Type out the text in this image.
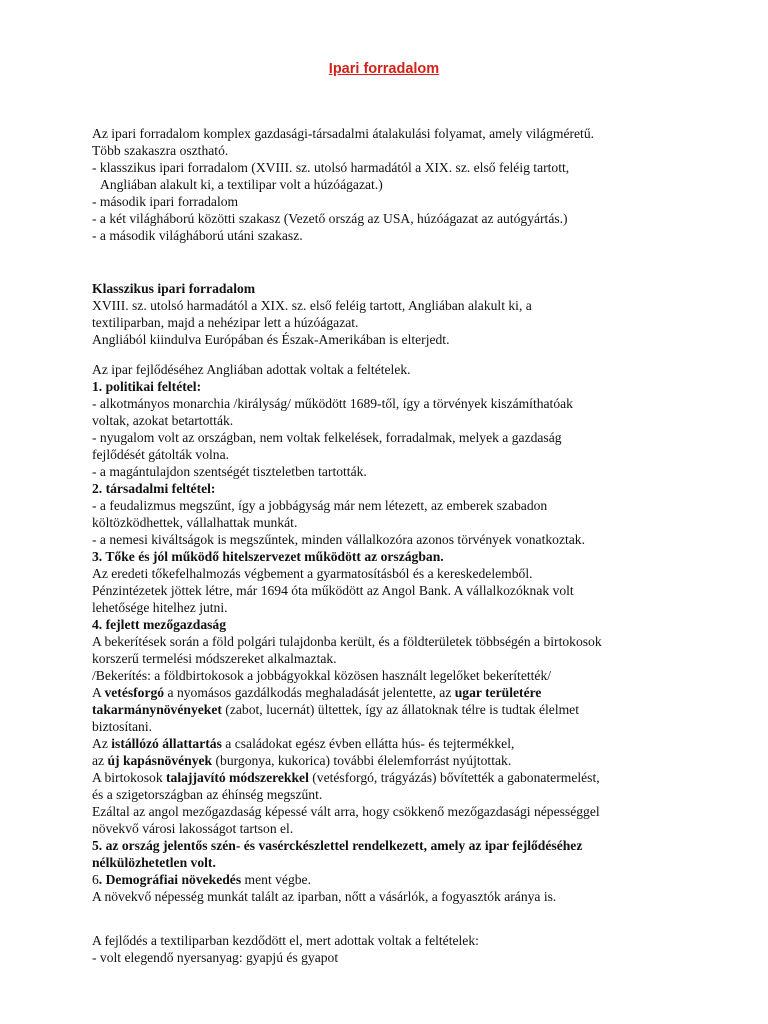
Ipari forradalom

Az ipari forradalom komplex gazdasági-társadalmi átalakulási folyamat, amely világméretű.

Több szakaszra osztható.

- klasszikus ipari forradalom (XVIII. sz. utolsó harmadától a XIX. sz. első feléig tartott,

Angliában alakult ki, a textilipar volt a húzóágazat.)

- második ipari forradalom

- a két világháború közötti szakasz (Vezető ország az USA, húzóágazat az autógyártás.)

- a második világháború utáni szakasz.

Klasszikus ipari forradalom

XVIII. sz. utolsó harmadától a XIX. sz. első feléig tartott, Angliában alakult ki, a

textiliparban, majd a nehézipar lett a húzóágazat.

Angliából kiindulva Európában és Észak-Amerikában is elterjedt.

Az ipar fejlődéséhez Angliában adottak voltak a feltételek.

1. politikai feltétel:

- alkotmányos monarchia /királyság/ működött 1689-től, így a törvények kiszámíthatóak

voltak, azokat betartották.

- nyugalom volt az országban, nem voltak felkelések, forradalmak, melyek a gazdaság

fejlődését gátolták volna.

- a magántulajdon szentségét tiszteletben tartották.

2. társadalmi feltétel:

- a feudalizmus megszűnt, így a jobbágyság már nem létezett, az emberek szabadon

költözködhettek, vállalhattak munkát.

- a nemesi kiváltságok is megszűntek, minden vállalkozóra azonos törvények vonatkoztak.

3. Tőke és jól működő hitelszervezet működött az országban.

Az eredeti tőkefelhalmozás végbement a gyarmatosításból és a kereskedelemből.

Pénzintézetek jöttek létre, már 1694 óta működött az Angol Bank. A vállalkozóknak volt

lehetősége hitelhez jutni.

4. fejlett mezőgazdaság

A bekerítések során a föld polgári tulajdonba került, és a földterületek többségén a birtokosok

korszerű termelési módszereket alkalmaztak.

/Bekerítés: a földbirtokosok a jobbágyokkal közösen használt legelőket bekerítették/

A vetésforgó a nyomásos gazdálkodás meghaladását jelentette, az ugar területére

takarmánynövényeket (zabot, lucernát) ültettek, így az állatoknak télre is tudtak élelmet

biztosítani.

Az istállózó állattartás a családokat egész évben ellátta hús- és tejtermékkel,

az új kapásnövények (burgonya, kukorica) további élelemforrást nyújtottak.

A birtokosok talajjavító módszerekkel (vetésforgó, trágyázás) bővítették a gabonatermelést,

és a szigetországban az éhínség megszűnt.

Ezáltal az angol mezőgazdaság képessé vált arra, hogy csökkenő mezőgazdasági népességgel

növekvő városi lakosságot tartson el.

5. az ország jelentős szén- és vasérckészlettel rendelkezett, amely az ipar fejlődéséhez

nélkülözhetetlen volt.

6. Demográfiai növekedés ment végbe.

A növekvő népesség munkát talált az iparban, nőtt a vásárlók, a fogyasztók aránya is.

A fejlődés a textiliparban kezdődött el, mert adottak voltak a feltételek:

- volt elegendő nyersanyag: gyapjú és gyapot
